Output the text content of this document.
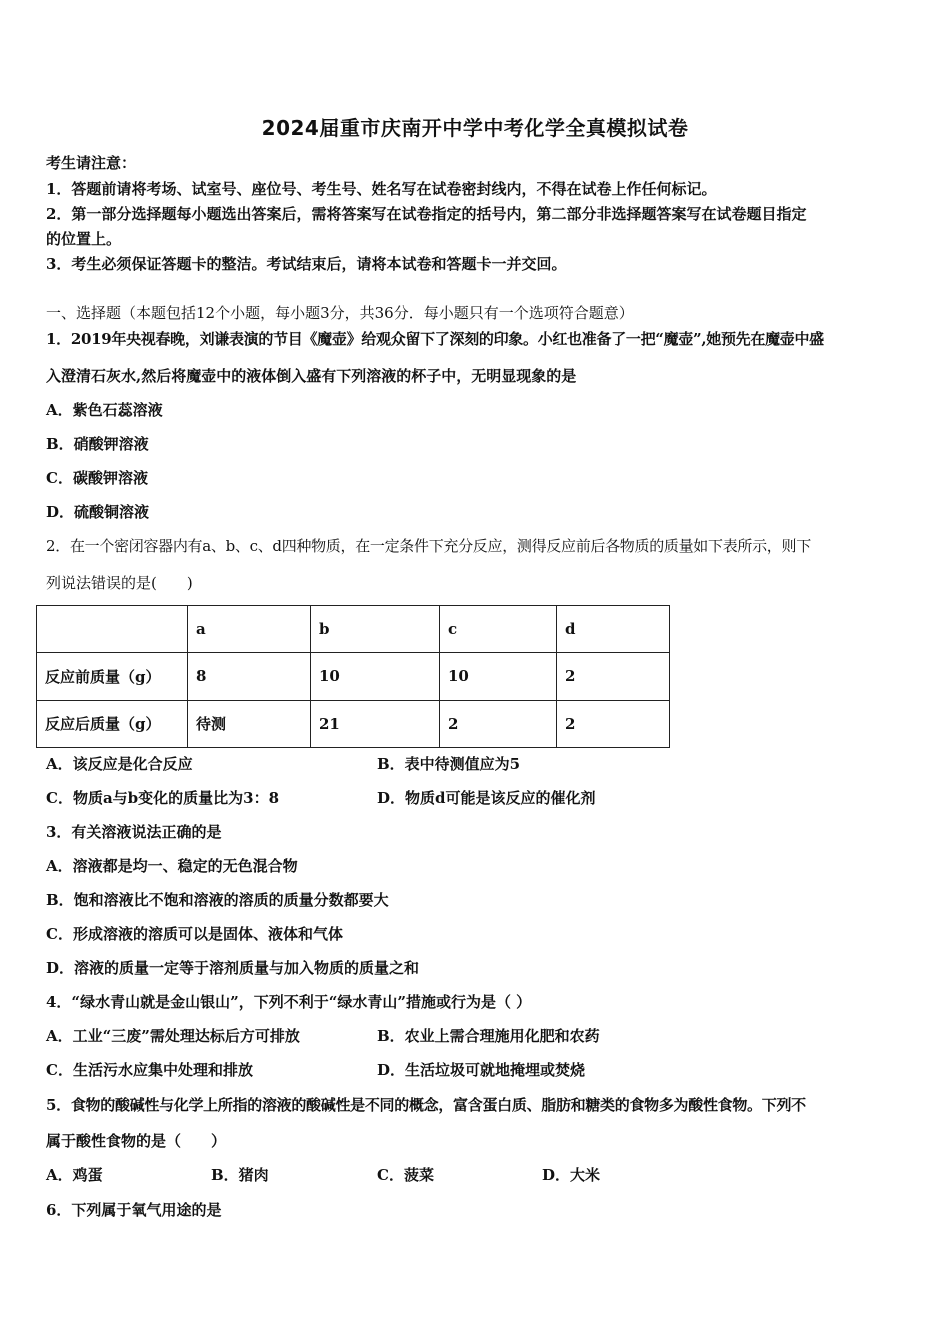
2024届重市庆南开中学中考化学全真模拟试卷
考生请注意：
1．答题前请将考场、试室号、座位号、考生号、姓名写在试卷密封线内，不得在试卷上作任何标记。
2．第一部分选择题每小题选出答案后，需将答案写在试卷指定的括号内，第二部分非选择题答案写在试卷题目指定
的位置上。
3．考生必须保证答题卡的整洁。考试结束后，请将本试卷和答题卡一并交回。
一、选择题（本题包括12个小题，每小题3分，共36分．每小题只有一个选项符合题意）
1．2019年央视春晚，刘谦表演的节目《魔壶》给观众留下了深刻的印象。小红也准备了一把“魔壶”,她预先在魔壶中盛
入澄清石灰水,然后将魔壶中的液体倒入盛有下列溶液的杯子中，无明显现象的是
A．紫色石蕊溶液
B．硝酸钾溶液
C．碳酸钾溶液
D．硫酸铜溶液
2．在一个密闭容器内有a、b、c、d四种物质，在一定条件下充分反应，测得反应前后各物质的质量如下表所示，则下
列说法错误的是(　　)
	a	b	c	d
反应前质量（g）	8	10	10	2
反应后质量（g）	待测	21	2	2
A．该反应是化合反应	B．表中待测值应为5
C．物质a与b变化的质量比为3：8	D．物质d可能是该反应的催化剂
3．有关溶液说法正确的是
A．溶液都是均一、稳定的无色混合物
B．饱和溶液比不饱和溶液的溶质的质量分数都要大
C．形成溶液的溶质可以是固体、液体和气体
D．溶液的质量一定等于溶剂质量与加入物质的质量之和
4．“绿水青山就是金山银山”，下列不利于“绿水青山”措施或行为是（ ）
A．工业“三废”需处理达标后方可排放	B．农业上需合理施用化肥和农药
C．生活污水应集中处理和排放	D．生活垃圾可就地掩埋或焚烧
5．食物的酸碱性与化学上所指的溶液的酸碱性是不同的概念，富含蛋白质、脂肪和糖类的食物多为酸性食物。下列不
属于酸性食物的是（　　）
A．鸡蛋	B．猪肉	C．菠菜	D．大米
6．下列属于氧气用途的是
